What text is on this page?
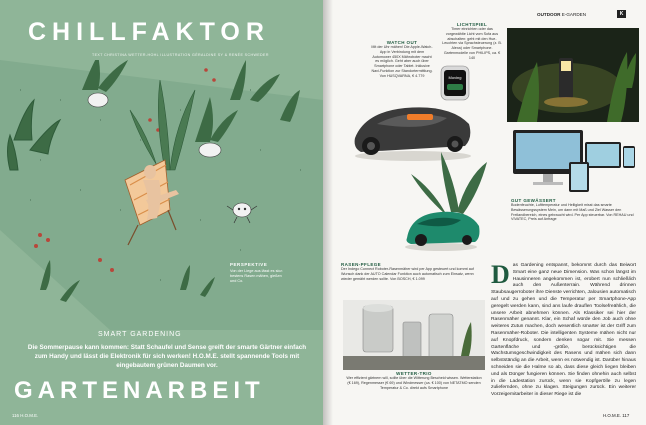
CHILLFAKTOR
TEXT CHRISTINA WETTER-HOHL ILLUSTRATION GÉRALDINE SY & RENÉE SCHWEDER
PERSPEKTIVE
Von der Liege aus lässt es sich bestens Rasen mähen, gießen und Co.
SMART GARDENING
Die Sommerpause kann kommen: Statt Schaufel und Sense greift der smarte Gärtner einfach zum Handy und lässt die Elektronik für sich werken! H.O.M.E. stellt spannende Tools mit eingebautem grünen Daumen vor.
GARTENARBEIT
116 H.O.M.E.
OUTDOOR E-GARDEN	K
WATCH OUT
Mit der Uhr mähen! Die Apple-Watch-App in Verbindung mit dem Automower 450X Mähroboter macht es möglich. Geht aber auch über Smartphone oder Tablet. Inklusive Navi-Funktion zur Standortermittlung. Von HUSQVARNA, € 4.779
LICHTSPIEL
Timer einrichten oder das vorgewählte Licht vom Sofa aus abschalten: geht mit den Hue-Leuchten via Sprachsteuerung (z. B. Alexa) oder Smartphone. Gartenmodelle von PHILIPS, ca. € 140
Moving
GUT GEWÄSSERT
Bodenfeuchte, Lufttemperatur und Helligkeit misst das smarte Bewässerungssystem Mein, um dann mit Maß und Ziel Wasser den Freilandbereich, eines gebraucht wird. Per App steuerbar. Von REHAU und VIVATEC, Preis auf Anfrage
RASEN-PFLEGE
Der Indego Connect Roboter-Rasenmäher wird per App gesteuert und kommt auf Wunsch dank der AUTO Calendar Funktion auch automatisch zum Einsatz, wenn wieder gemäht werden sollte. Von BOSCH, € 1.099
WETTER-TRIO
Wer effizient gärtnern will, sollte über die Witterung Bescheid wissen. Wetterstation (€ 169), Regenmesser (€ 69) und Windmesser (ca. € 100) von NETATMO senden Temperatur & Co. direkt aufs Smartphone
Das Gardening entspannt, bekommt durch das Beiwort Smart eine ganz neue Dimension. Was schon längst im Hausinneren angekommen ist, erobert nun schließlich auch den Außenterrain. Während drinnen Staubsaugerroboter ihre Dienste verrichten, Jalousien automatisch auf und zu gehen und die Temperatur per Smartphone-App geregelt werden kann, sind ans laufe drauflen Toolsefreählich, die unsere Arbeit abnehmen können. Als Klassiker sei hier der Rasenmäher genannt. Klar, ein Schaf würde den Job auch ohne weiteres Zutun machen, doch wesentlich smarter ist der Griff zum Rasenmäher-Roboter. Die intelligenten Systeme mähen nicht nur auf Knopfdruck, sondern denken sogar mit. Sie messen Gartenfläche und -größe, berücksichtigen die Wachstumsgeschwindigkeit des Rasens und mähen sich dann selbstständig an die Arbeit, wenn es notwendig ist. Darüber hinaus schneiden sie die Halme so ab, dass diese gleich liegen bleiben und als Dünger fungieren können. Sie finden ohnehin auch selbst in die Ladestation zurück, wenn sie Kopfgerölle zu legen zuliefernden, ohne zu klagen. Steigungen zurück. Ein weiterer Vorzeigemitarbeiter in dieser Riege ist die
H.O.M.E. 117
